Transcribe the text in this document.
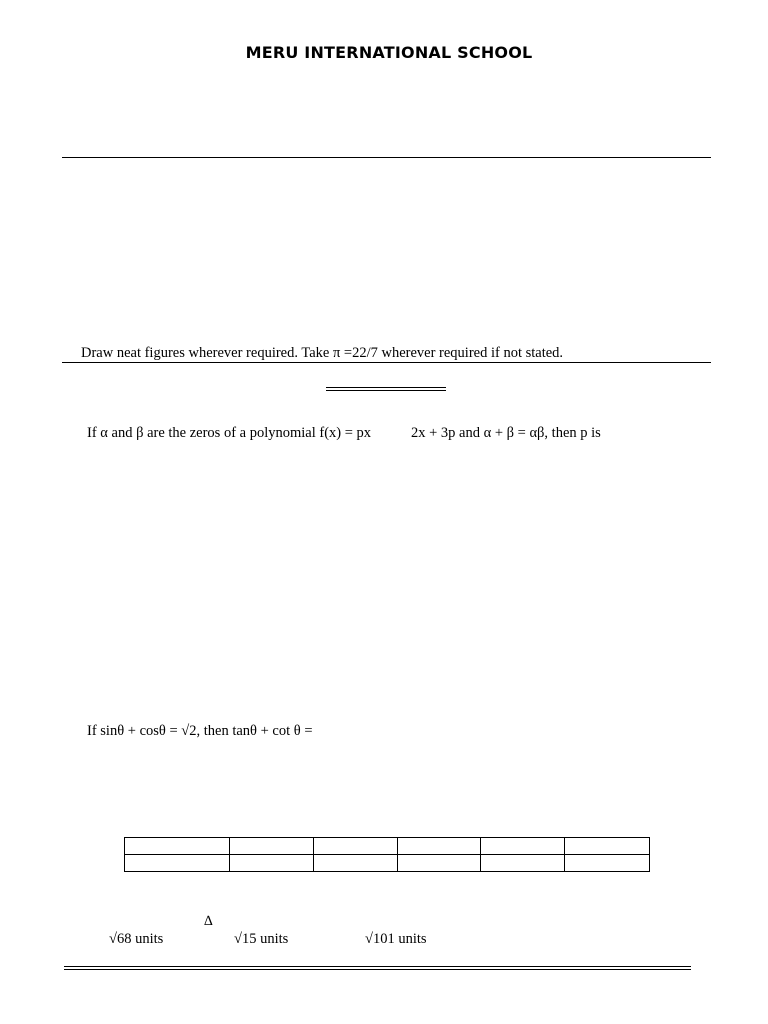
MERU INTERNATIONAL SCHOOL
Draw neat figures wherever required. Take π =22/7 wherever required if not stated.
If α and β are the zeros of a polynomial f(x) = px	2x + 3p and α + β = αβ, then p is
If sinθ + cosθ = √2, then tanθ + cot θ =

∆
√68 units	√15 units	√101 units
